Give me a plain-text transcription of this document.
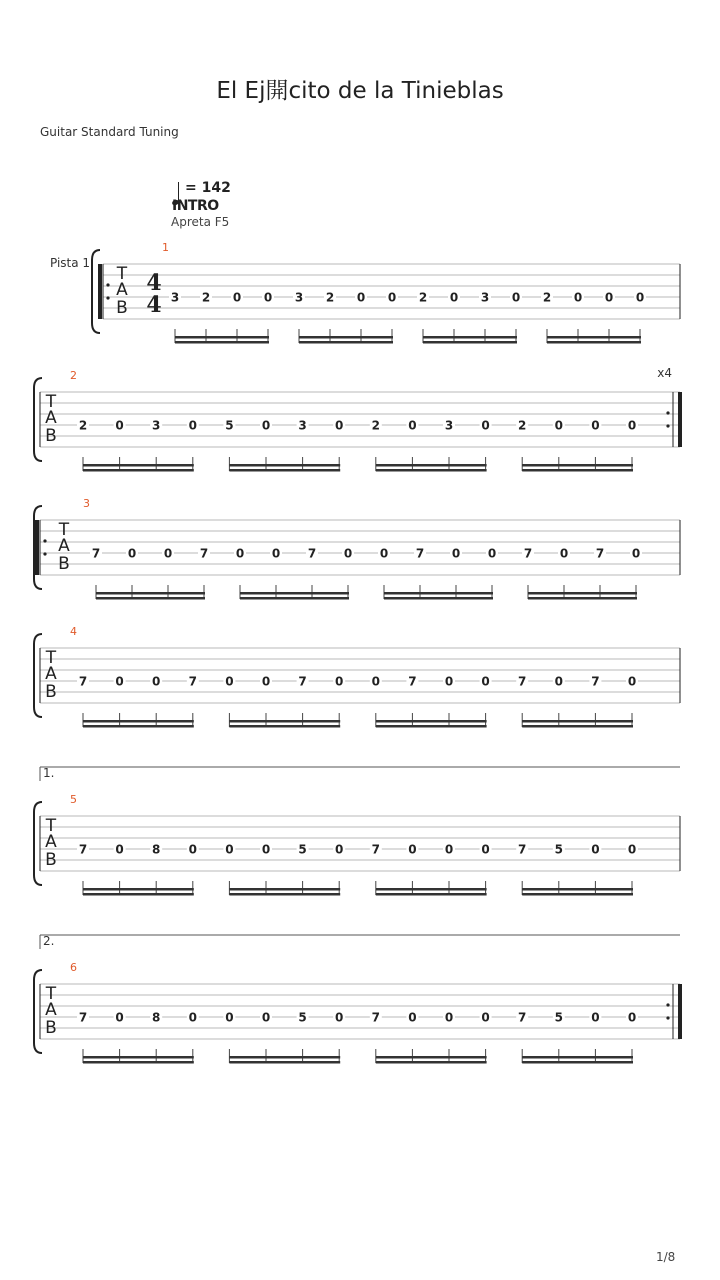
El Ej開cito de la Tinieblas
Guitar Standard Tuning
= 142
INTRO
Apreta F5
Pista 1
1/8
T
A
B
4
4
1
3 2 0 0 3 2 0 0 2 0 3 0 2 0 0 0
T
A
B
2	x4
2 0 3 0 5 0 3 0 2 0 3 0 2 0 0 0
T
A
B
3
7 0 0 7 0 0 7 0 0 7 0 0 7 0 7 0
T
A
B
4
7 0 0 7 0 0 7 0 0 7 0 0 7 0 7 0
T
A
B
5
1.
7 0 8 0 0 0 5 0 7 0 0 0 7 5 0 0
T
A
B
6
2.
7 0 8 0 0 0 5 0 7 0 0 0 7 5 0 0
